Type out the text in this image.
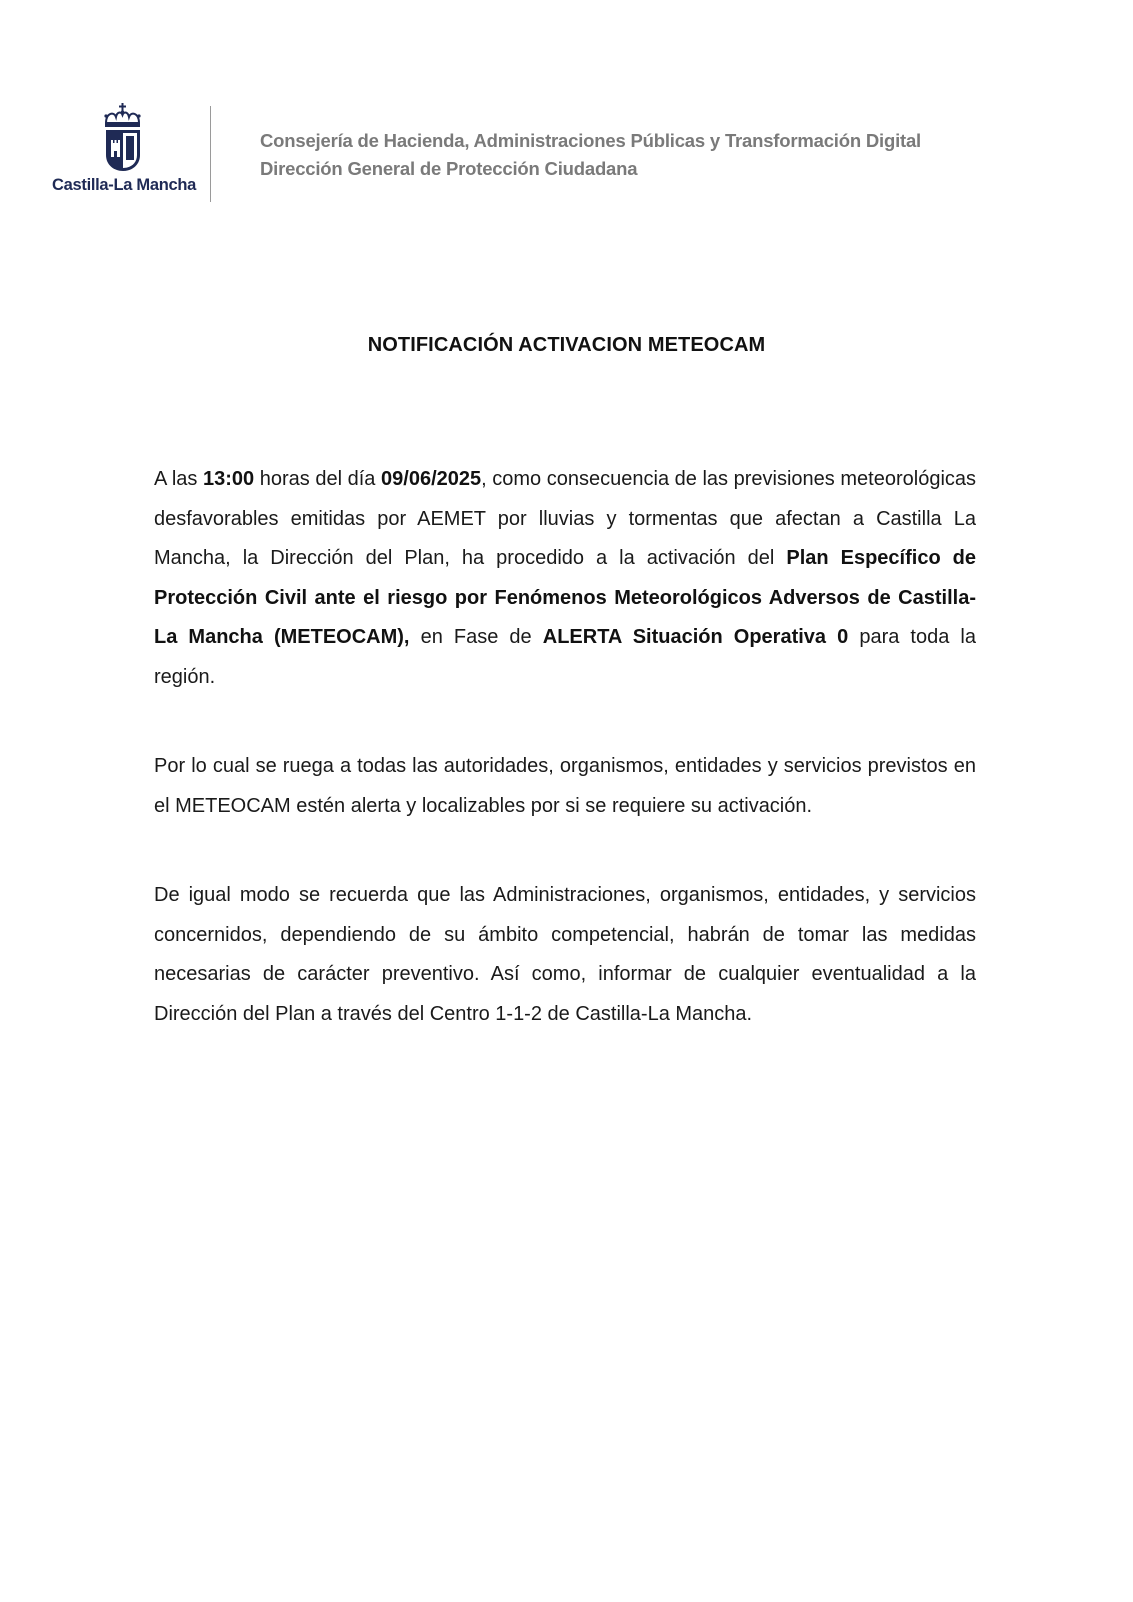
Castilla-La Mancha
Consejería de Hacienda, Administraciones Públicas y Transformación Digital
Dirección General de Protección Ciudadana
NOTIFICACIÓN ACTIVACION METEOCAM

A las 13:00 horas del día 09/06/2025, como consecuencia de las previsiones meteorológicas desfavorables emitidas por AEMET por lluvias y tormentas que afectan a Castilla La Mancha, la Dirección del Plan, ha procedido a la activación del Plan Específico de Protección Civil ante el riesgo por Fenómenos Meteorológicos Adversos de Castilla-La Mancha (METEOCAM), en Fase de ALERTA Situación Operativa 0 para toda la región.

Por lo cual se ruega a todas las autoridades, organismos, entidades y servicios previstos en el METEOCAM estén alerta y localizables por si se requiere su activación.

De igual modo se recuerda que las Administraciones, organismos, entidades, y servicios concernidos, dependiendo de su ámbito competencial, habrán de tomar las medidas necesarias de carácter preventivo. Así como, informar de cualquier eventualidad a la Dirección del Plan a través del Centro 1-1-2 de Castilla-La Mancha.
